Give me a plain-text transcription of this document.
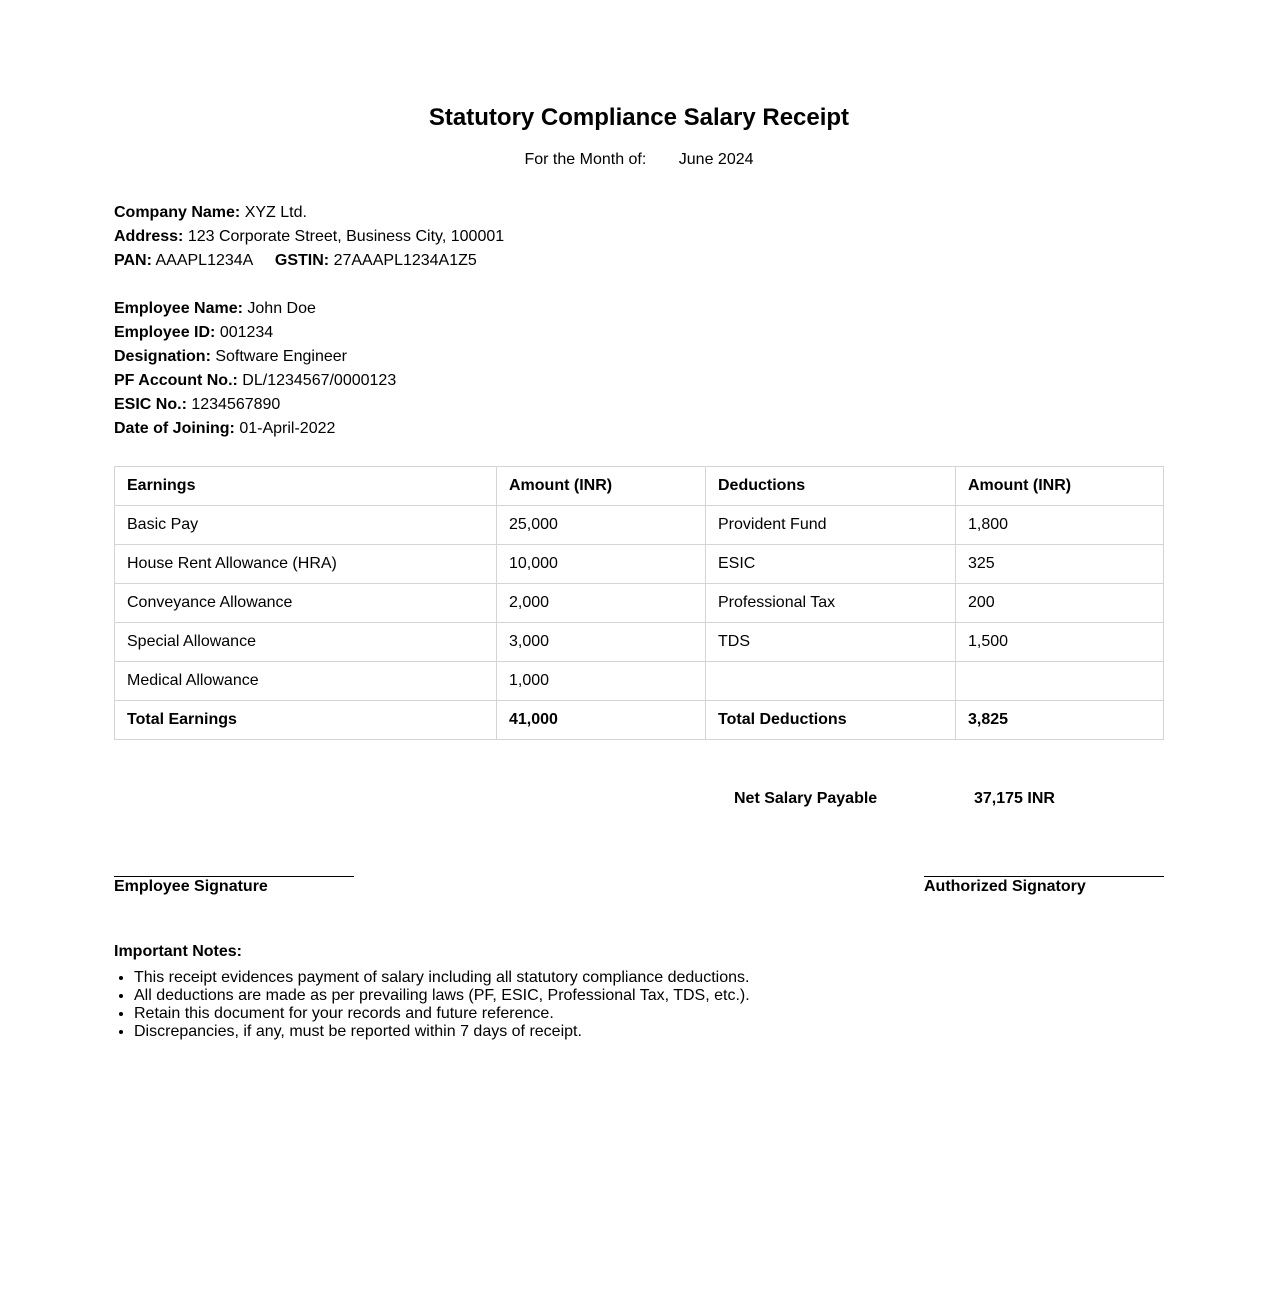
Statutory Compliance Salary Receipt
For the Month of: June 2024
Company Name: XYZ Ltd.
Address: 123 Corporate Street, Business City, 100001
PAN: AAAPL1234A GSTIN: 27AAAPL1234A1Z5
Employee Name: John Doe
Employee ID: 001234
Designation: Software Engineer
PF Account No.: DL/1234567/0000123
ESIC No.: 1234567890
Date of Joining: 01-April-2022
Earnings	Amount (INR)	Deductions	Amount (INR)
Basic Pay	25,000	Provident Fund	1,800
House Rent Allowance (HRA)	10,000	ESIC	325
Conveyance Allowance	2,000	Professional Tax	200
Special Allowance	3,000	TDS	1,500
Medical Allowance	1,000		
Total Earnings	41,000	Total Deductions	3,825
Net Salary Payable	37,175 INR
Employee Signature	Authorized Signatory
Important Notes:
• This receipt evidences payment of salary including all statutory compliance deductions.
• All deductions are made as per prevailing laws (PF, ESIC, Professional Tax, TDS, etc.).
• Retain this document for your records and future reference.
• Discrepancies, if any, must be reported within 7 days of receipt.
